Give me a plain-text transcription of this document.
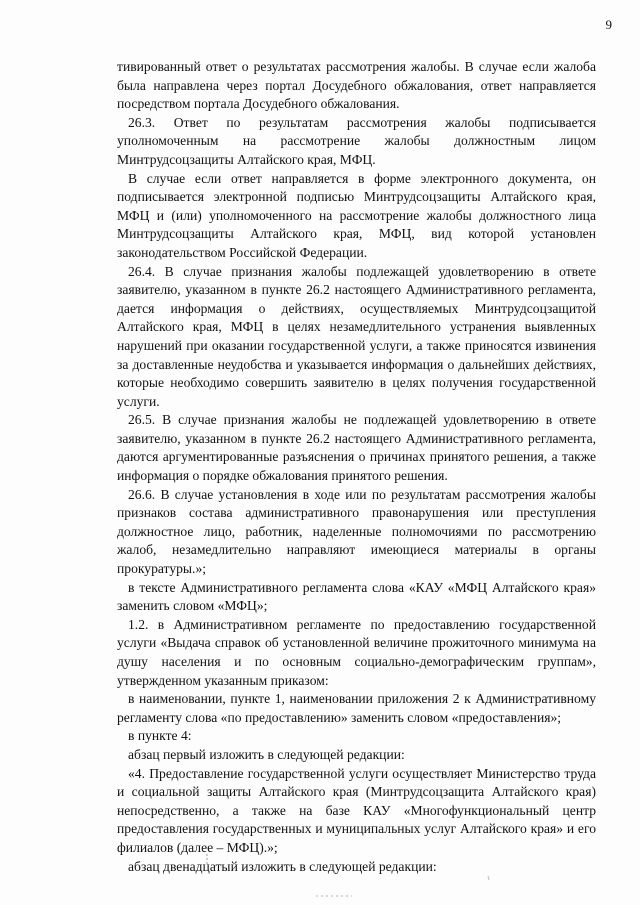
9

тивированный ответ о результатах рассмотрения жалобы. В случае если жалоба была направлена через портал Досудебного обжалования, ответ направляется посредством портала Досудебного обжалования.

26.3. Ответ по результатам рассмотрения жалобы подписывается уполномоченным на рассмотрение жалобы должностным лицом Минтрудсоцзащиты Алтайского края, МФЦ.

В случае если ответ направляется в форме электронного документа, он подписывается электронной подписью Минтрудсоцзащиты Алтайского края, МФЦ и (или) уполномоченного на рассмотрение жалобы должностного лица Минтрудсоцзащиты Алтайского края, МФЦ, вид которой установлен законодательством Российской Федерации.

26.4. В случае признания жалобы подлежащей удовлетворению в ответе заявителю, указанном в пункте 26.2 настоящего Административного регламента, дается информация о действиях, осуществляемых Минтрудсоцзащитой Алтайского края, МФЦ в целях незамедлительного устранения выявленных нарушений при оказании государственной услуги, а также приносятся извинения за доставленные неудобства и указывается информация о дальнейших действиях, которые необходимо совершить заявителю в целях получения государственной услуги.

26.5. В случае признания жалобы не подлежащей удовлетворению в ответе заявителю, указанном в пункте 26.2 настоящего Административного регламента, даются аргументированные разъяснения о причинах принятого решения, а также информация о порядке обжалования принятого решения.

26.6. В случае установления в ходе или по результатам рассмотрения жалобы признаков состава административного правонарушения или преступления должностное лицо, работник, наделенные полномочиями по рассмотрению жалоб, незамедлительно направляют имеющиеся материалы в органы прокуратуры.»;

в тексте Административного регламента слова «КАУ «МФЦ Алтайского края» заменить словом «МФЦ»;

1.2. в Административном регламенте по предоставлению государственной услуги «Выдача справок об установленной величине прожиточного минимума на душу населения и по основным социально-демографическим группам», утвержденном указанным приказом:

в наименовании, пункте 1, наименовании приложения 2 к Административному регламенту слова «по предоставлению» заменить словом «предоставления»;

в пункте 4:

абзац первый изложить в следующей редакции:

«4. Предоставление государственной услуги осуществляет Министерство труда и социальной защиты Алтайского края (Минтрудсоцзащита Алтайского края) непосредственно, а также на базе КАУ «Многофункциональный центр предоставления государственных и муниципальных услуг Алтайского края» и его филиалов (далее – МФЦ).»;

абзац двенадцатый изложить в следующей редакции:
